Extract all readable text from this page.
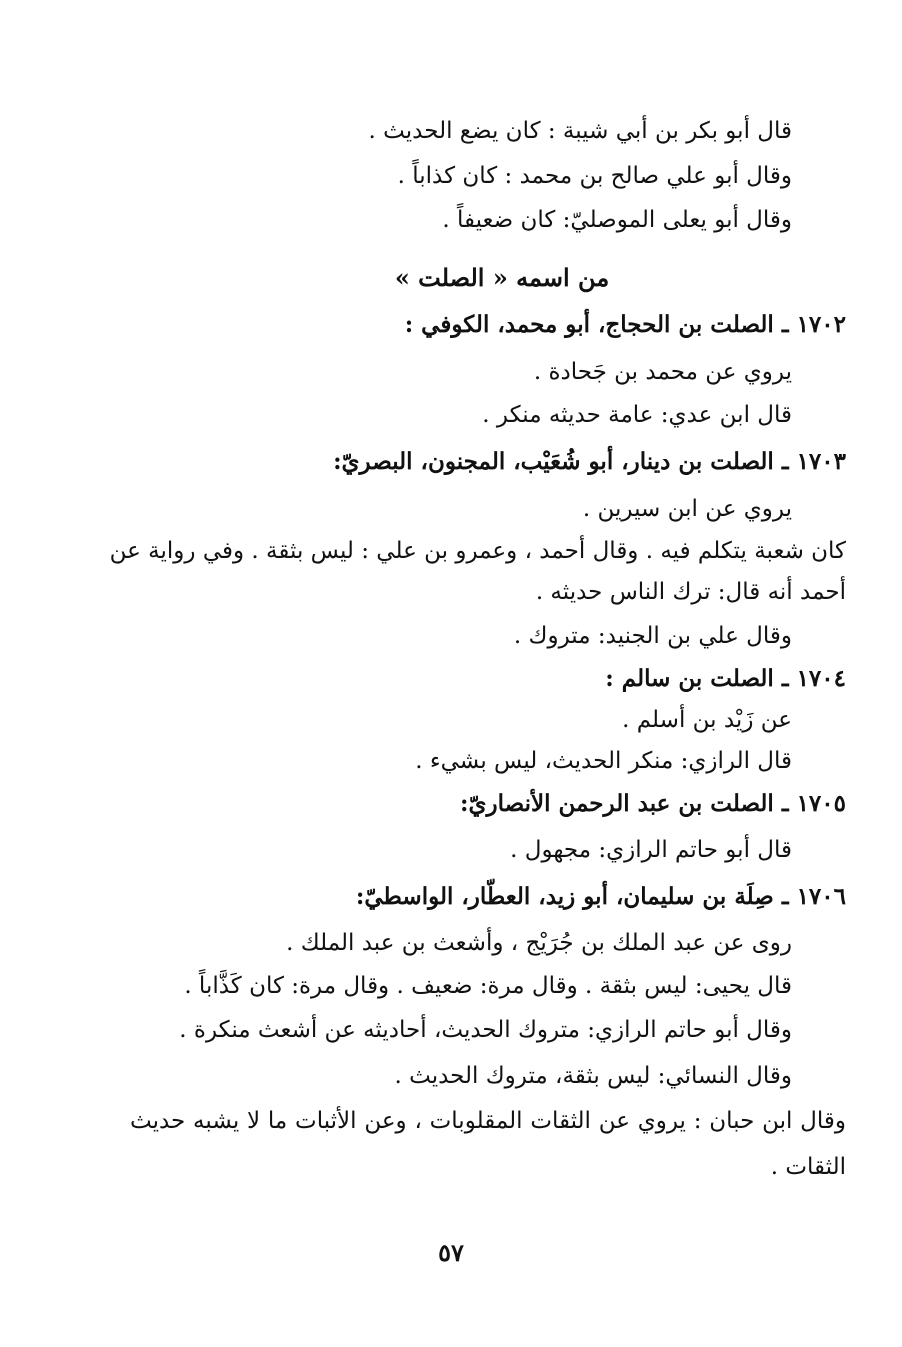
قال أبو بكر بن أبي شيبة : كان يضع الحديث .
وقال أبو علي صالح بن محمد : كان كذاباً .
وقال أبو يعلى الموصليّ: كان ضعيفاً .
من اسمه « الصلت »
١٧٠٢ ـ الصلت بن الحجاج، أبو محمد، الكوفي :
يروي عن محمد بن جَحادة .
قال ابن عدي: عامة حديثه منكر .
١٧٠٣ ـ الصلت بن دينار، أبو شُعَيْب، المجنون، البصريّ:
يروي عن ابن سيرين .
كان شعبة يتكلم فيه . وقال أحمد ، وعمرو بن علي : ليس بثقة . وفي رواية عن
أحمد أنه قال: ترك الناس حديثه .
وقال علي بن الجنيد: متروك .
١٧٠٤ ـ الصلت بن سالم :
عن زَيْد بن أسلم .
قال الرازي: منكر الحديث، ليس بشيء .
١٧٠٥ ـ الصلت بن عبد الرحمن الأنصاريّ:
قال أبو حاتم الرازي: مجهول .
١٧٠٦ ـ صِلَة بن سليمان، أبو زيد، العطّار، الواسطيّ:
روى عن عبد الملك بن جُرَيْج ، وأشعث بن عبد الملك .
قال يحيى: ليس بثقة . وقال مرة: ضعيف . وقال مرة: كان كَذَّاباً .
وقال أبو حاتم الرازي: متروك الحديث، أحاديثه عن أشعث منكرة .
وقال النسائي: ليس بثقة، متروك الحديث .
وقال ابن حبان : يروي عن الثقات المقلوبات ، وعن الأثبات ما لا يشبه حديث
الثقات .
٥٧
